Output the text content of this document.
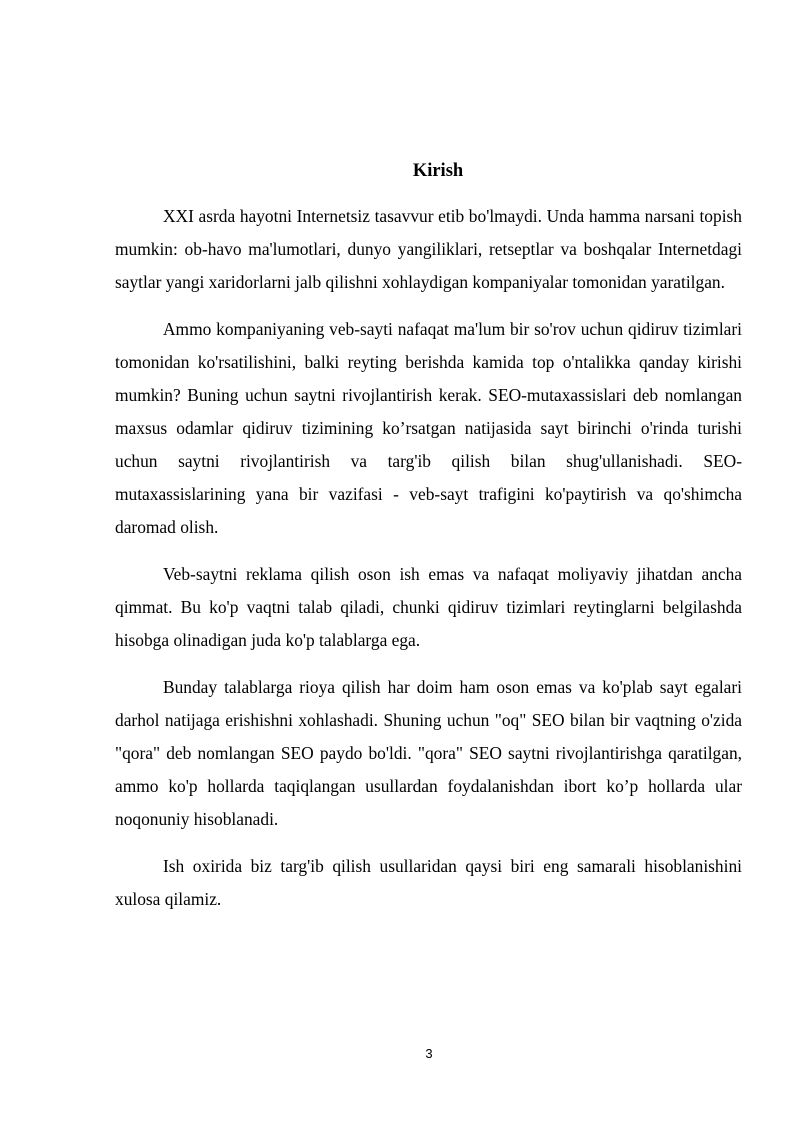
Kirish

XXI asrda hayotni Internetsiz tasavvur etib bo'lmaydi. Unda hamma narsani topish mumkin: ob-havo ma'lumotlari, dunyo yangiliklari, retseptlar va boshqalar Internetdagi saytlar yangi xaridorlarni jalb qilishni xohlaydigan kompaniyalar tomonidan yaratilgan.

Ammo kompaniyaning veb-sayti nafaqat ma'lum bir so'rov uchun qidiruv tizimlari tomonidan ko'rsatilishini, balki reyting berishda kamida top o'ntalikka qanday kirishi mumkin? Buning uchun saytni rivojlantirish kerak. SEO-mutaxassislari deb nomlangan maxsus odamlar qidiruv tizimining ko’rsatgan natijasida sayt birinchi o'rinda turishi uchun saytni rivojlantirish va targ'ib qilish bilan shug'ullanishadi. SEO-mutaxassislarining yana bir vazifasi - veb-sayt trafigini ko'paytirish va qo'shimcha daromad olish.

Veb-saytni reklama qilish oson ish emas va nafaqat moliyaviy jihatdan ancha qimmat. Bu ko'p vaqtni talab qiladi, chunki qidiruv tizimlari reytinglarni belgilashda hisobga olinadigan juda ko'p talablarga ega.

Bunday talablarga rioya qilish har doim ham oson emas va ko'plab sayt egalari darhol natijaga erishishni xohlashadi. Shuning uchun "oq" SEO bilan bir vaqtning o'zida "qora" deb nomlangan SEO paydo bo'ldi. "qora" SEO saytni rivojlantirishga qaratilgan, ammo ko'p hollarda taqiqlangan usullardan foydalanishdan ibort ko’p hollarda ular noqonuniy hisoblanadi.

Ish oxirida biz targ'ib qilish usullaridan qaysi biri eng samarali hisoblanishini xulosa qilamiz.

3
